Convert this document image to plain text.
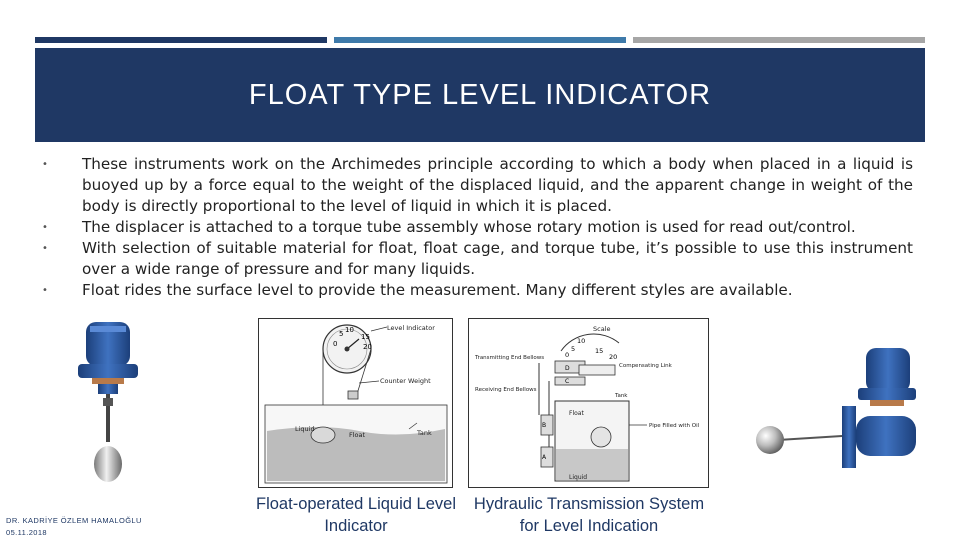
FLOAT TYPE LEVEL INDICATOR
• These instruments work on the Archimedes principle according to which a body when placed in a liquid is buoyed up by a force equal to the weight of the displaced liquid, and the apparent change in weight of the body is directly proportional to the level of liquid in which it is placed.
• The displacer is attached to a torque tube assembly whose rotary motion is used for read out/control.
• With selection of suitable material for float, float cage, and torque tube, it’s possible to use this instrument over a wide range of pressure and for many liquids.
• Float rides the surface level to provide the measurement. Many different styles are available.
5 10
15
0	20
Level Indicator
Counter Weight
Liquid
Float	Tank
Scale
5
10
15
0	20
Transmitting End Bellows
D	Compensating Link
C
Receiving End Bellows
B
A
Tank
Float
Liquid
Pipe Filled with Oil
Float-operated Liquid Level Indicator
Hydraulic Transmission System for Level Indication
DR. KADRİYE ÖZLEM HAMALOĞLU
05.11.2018
